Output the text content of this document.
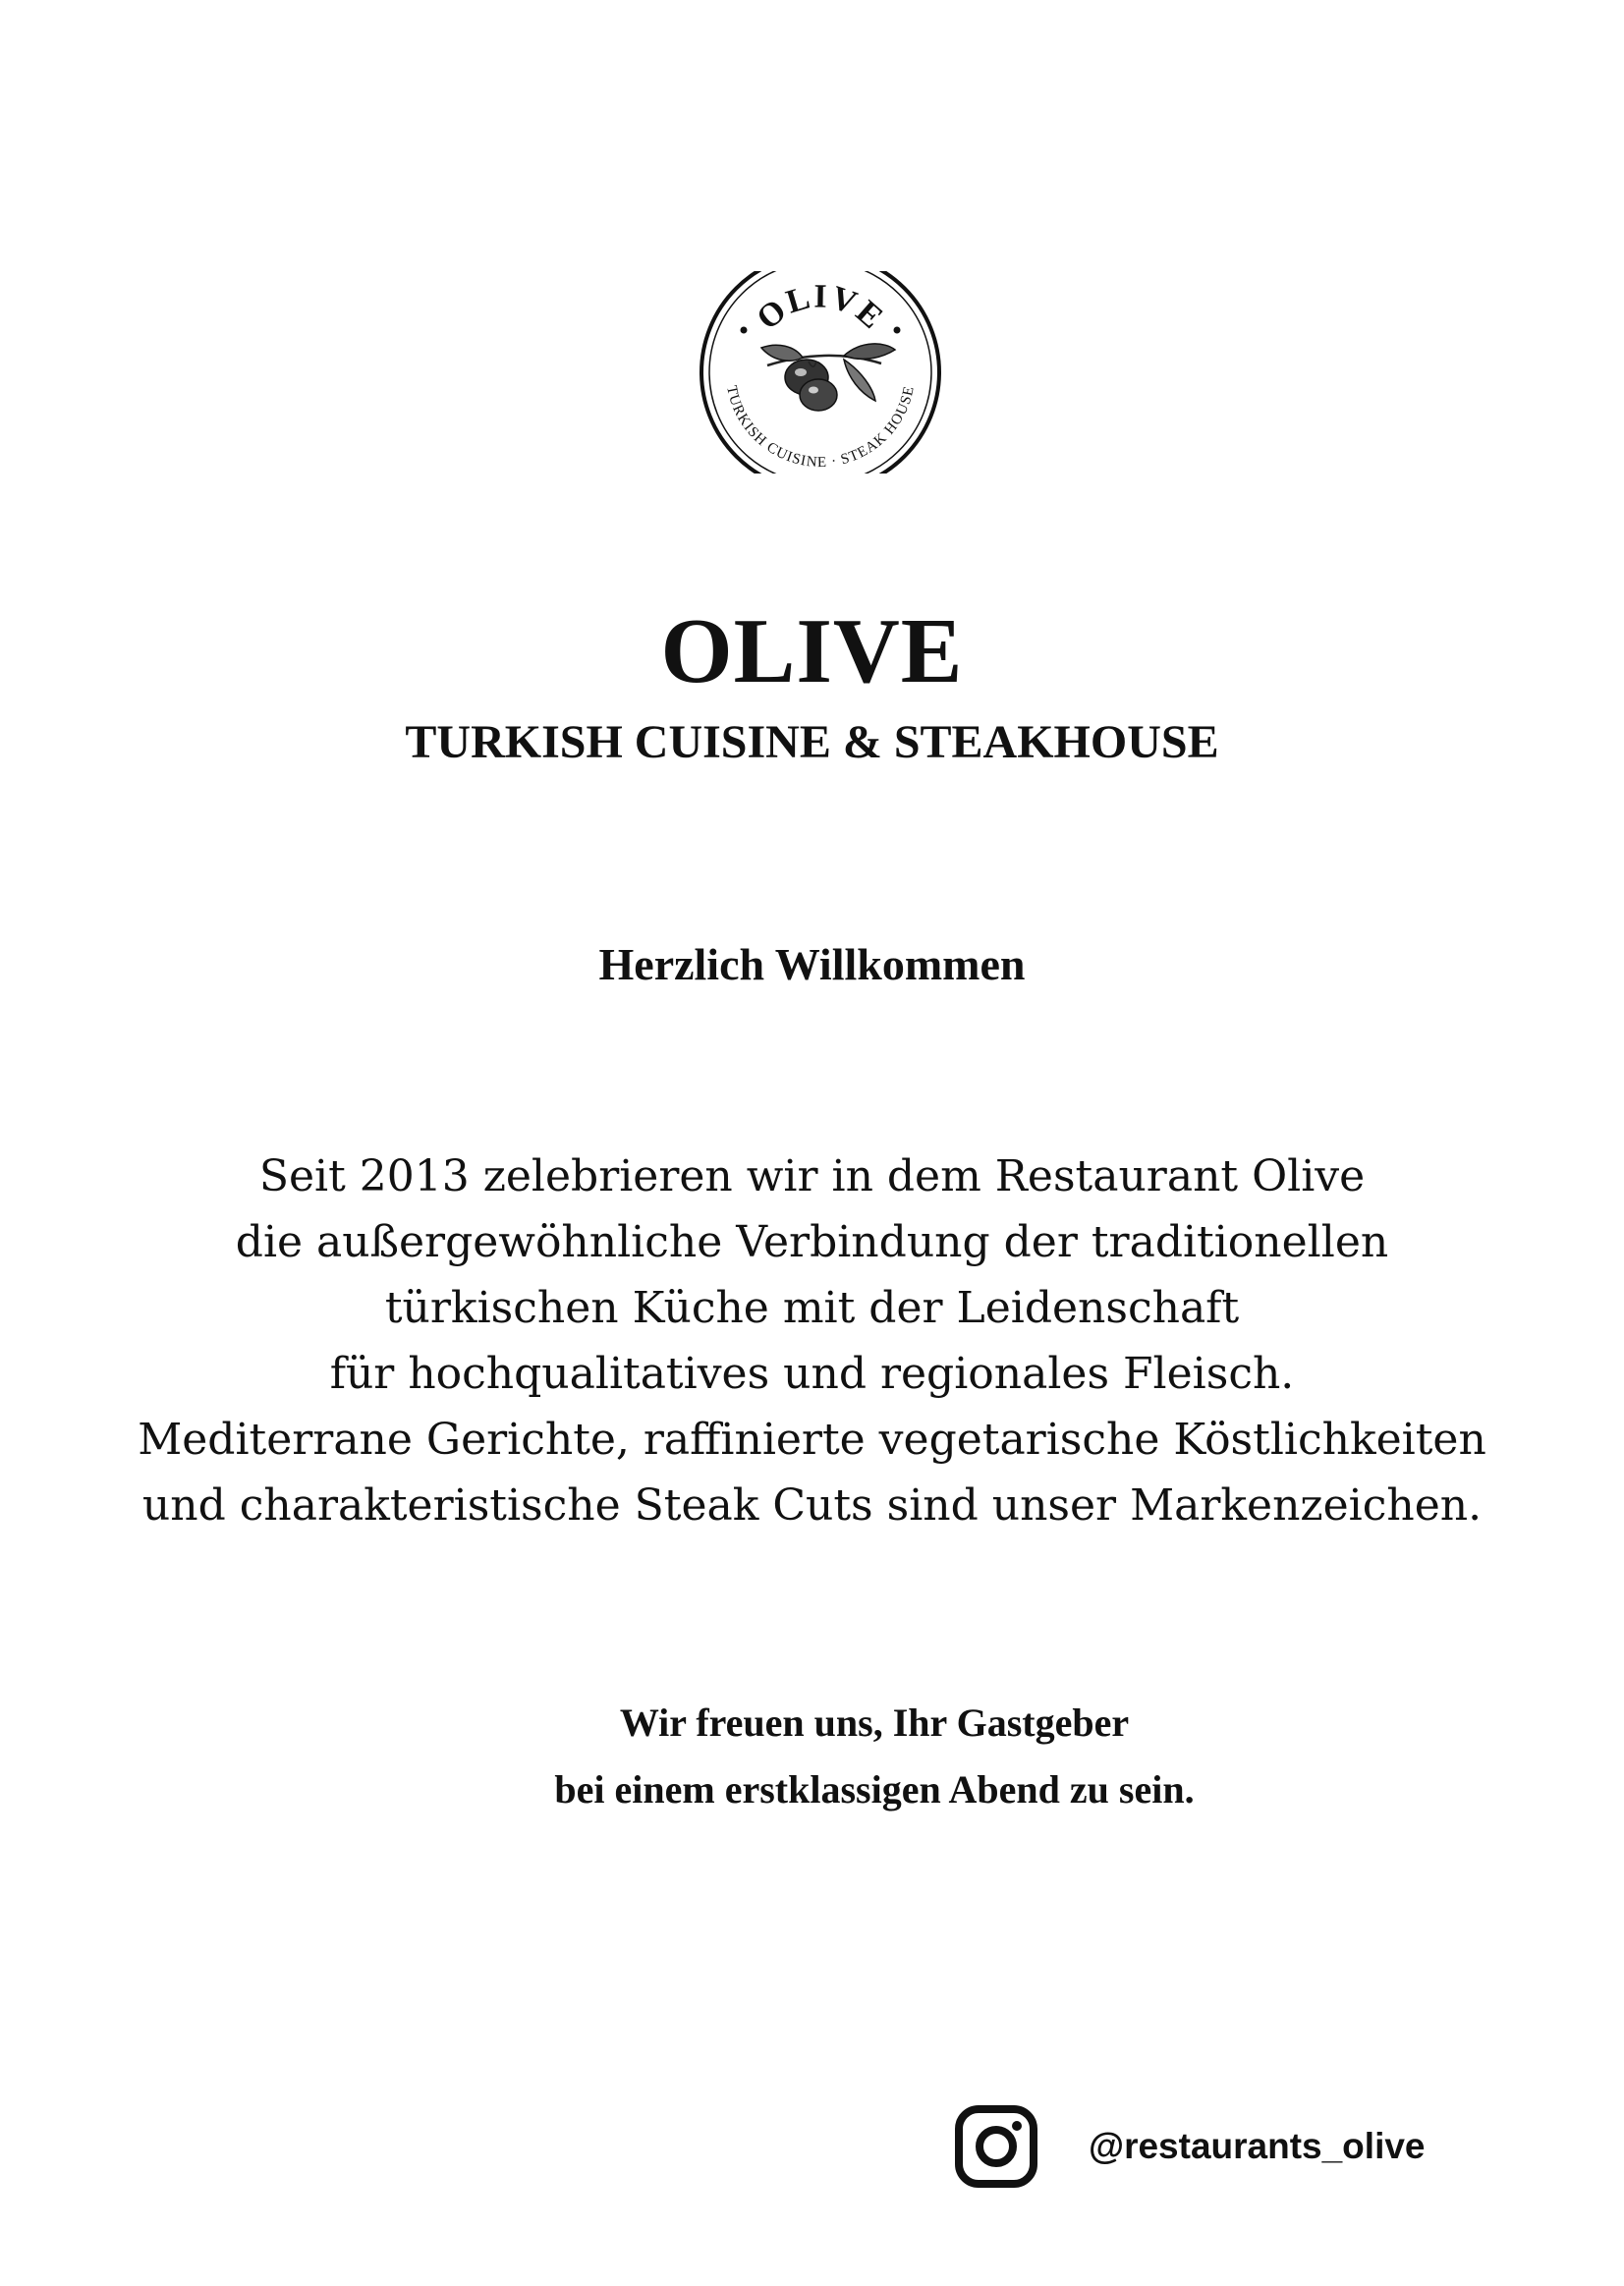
OLIVE
TURKISH CUISINE · STEAK HOUSE
OLIVE
TURKISH CUISINE & STEAKHOUSE
Herzlich Willkommen

Seit 2013 zelebrieren wir in dem Restaurant Olive
die außergewöhnliche Verbindung der traditionellen
türkischen Küche mit der Leidenschaft
für hochqualitatives und regionales Fleisch.
Mediterrane Gerichte, raffinierte vegetarische Köstlichkeiten
und charakteristische Steak Cuts sind unser Markenzeichen.

Wir freuen uns, Ihr Gastgeber
bei einem erstklassigen Abend zu sein.

@restaurants_olive
